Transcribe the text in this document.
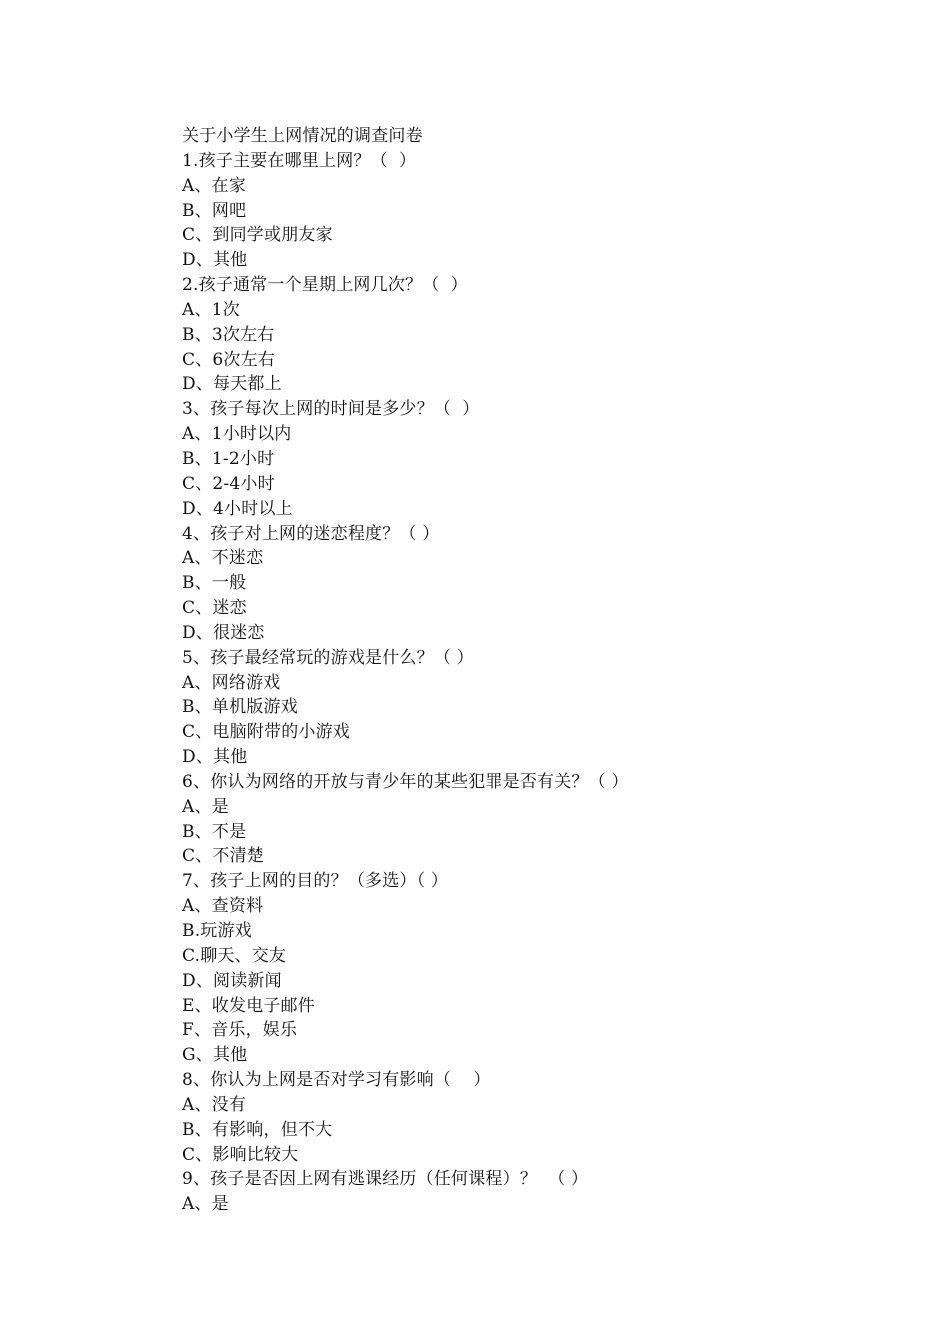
关于小学生上网情况的调查问卷
1.孩子主要在哪里上网？（  ）
A、在家
B、网吧
C、到同学或朋友家
D、其他
2.孩子通常一个星期上网几次？（  ）
A、1次
B、3次左右
C、6次左右
D、每天都上
3、孩子每次上网的时间是多少？（  ）
A、1小时以内
B、1-2小时
C、2-4小时
D、4小时以上
4、孩子对上网的迷恋程度？（ ）
A、不迷恋
B、一般
C、迷恋
D、很迷恋
5、孩子最经常玩的游戏是什么？（ ）
A、网络游戏
B、单机版游戏
C、电脑附带的小游戏
D、其他
6、你认为网络的开放与青少年的某些犯罪是否有关？（ ）
A、是
B、不是
C、不清楚
7、孩子上网的目的？（多选）（ ）
A、查资料
B.玩游戏
C.聊天、交友
D、阅读新闻
E、收发电子邮件
F、音乐，娱乐
G、其他
8、你认为上网是否对学习有影响（    ）
A、没有
B、有影响，但不大
C、影响比较大
9、孩子是否因上网有逃课经历（任何课程）？  （ ）
A、是
